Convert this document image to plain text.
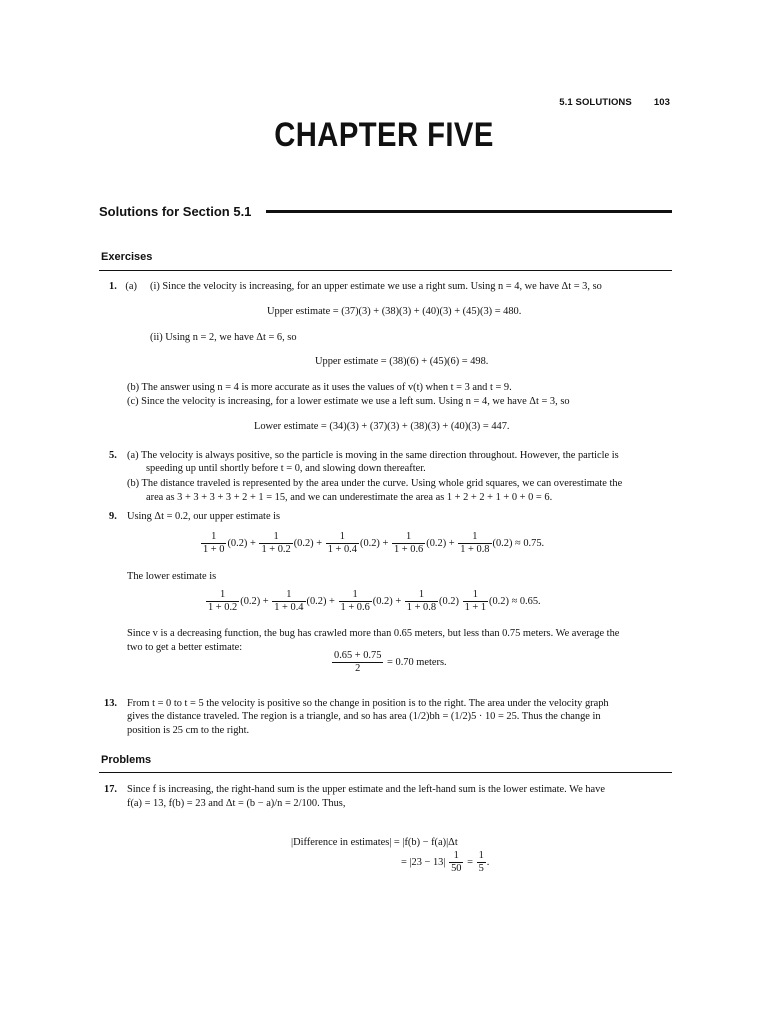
5.1 SOLUTIONS 103
CHAPTER FIVE
Solutions for Section 5.1
Exercises
1. (a) (i) Since the velocity is increasing, for an upper estimate we use a right sum. Using n = 4, we have Δt = 3, so
Upper estimate = (37)(3) + (38)(3) + (40)(3) + (45)(3) = 480.
(ii) Using n = 2, we have Δt = 6, so
Upper estimate = (38)(6) + (45)(6) = 498.
(b) The answer using n = 4 is more accurate as it uses the values of v(t) when t = 3 and t = 9.
(c) Since the velocity is increasing, for a lower estimate we use a left sum. Using n = 4, we have Δt = 3, so
Lower estimate = (34)(3) + (37)(3) + (38)(3) + (40)(3) = 447.
5. (a) The velocity is always positive, so the particle is moving in the same direction throughout. However, the particle is
speeding up until shortly before t = 0, and slowing down thereafter.
(b) The distance traveled is represented by the area under the curve. Using whole grid squares, we can overestimate the
area as 3 + 3 + 3 + 3 + 2 + 1 = 15, and we can underestimate the area as 1 + 2 + 2 + 1 + 0 + 0 = 6.
9. Using Δt = 0.2, our upper estimate is
$\frac{1}{1 + 0} (0.2) + \frac{1}{1 + 0.2} (0.2) + \frac{1}{1 + 0.4} (0.2) + \frac{1}{1 + 0.6} (0.2) + \frac{1}{1 + 0.8} (0.2) \approx 0.75$.
The lower estimate is
$\frac{1}{1 + 0.2} (0.2) + \frac{1}{1 + 0.4} (0.2) + \frac{1}{1 + 0.6} (0.2) + \frac{1}{1 + 0.8} (0.2) \frac{1}{1 + 1} (0.2) \approx 0.65$.
Since v is a decreasing function, the bug has crawled more than 0.65 meters, but less than 0.75 meters. We average the
two to get a better estimate:
$\frac{0.65 + 0.75}{2} = 0.70$ meters.
13. From t = 0 to t = 5 the velocity is positive so the change in position is to the right. The area under the velocity graph
gives the distance traveled. The region is a triangle, and so has area (1/2)bh = (1/2)5 · 10 = 25. Thus the change in
position is 25 cm to the right.
Problems
17. Since f is increasing, the right-hand sum is the upper estimate and the left-hand sum is the lower estimate. We have
f(a) = 13, f(b) = 23 and Δt = (b − a)/n = 2/100. Thus,
|Difference in estimates| = |f(b) − f(a)|Δt
= $|23 - 13| \frac{1}{50} = \frac{1}{5}$ .
